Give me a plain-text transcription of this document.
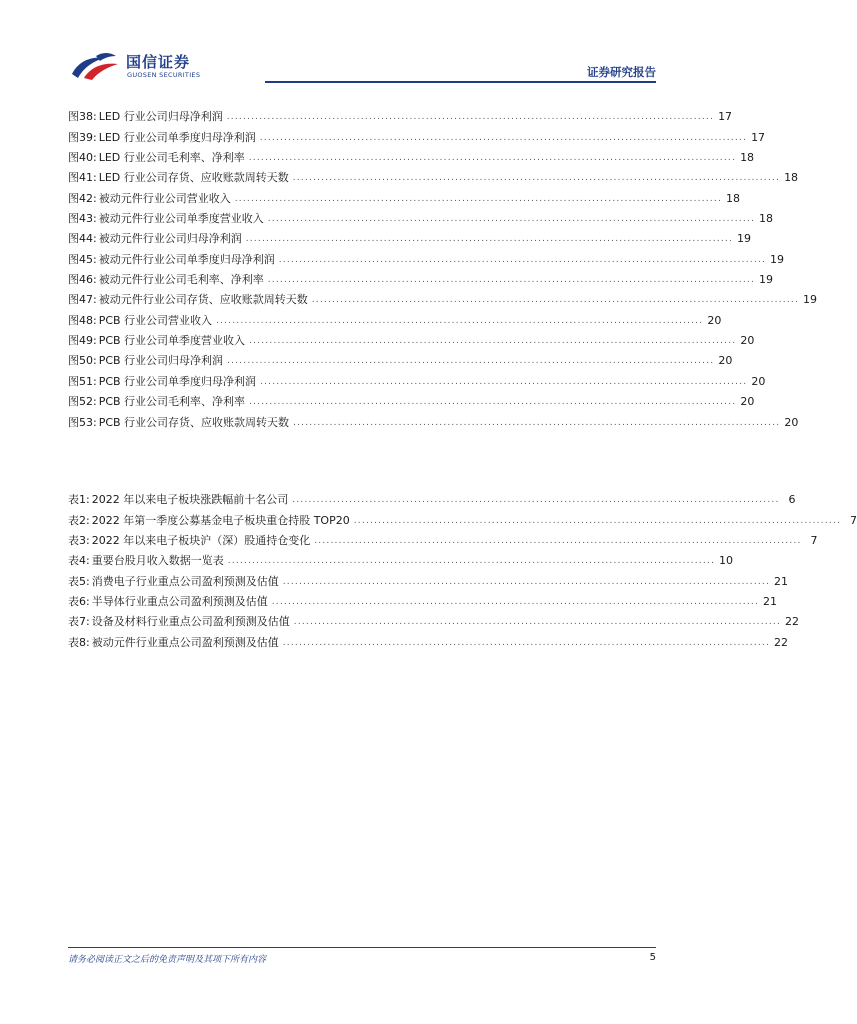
国信证券
GUOSEN SECURITIES	证券研究报告
图38: LED 行业公司归母净利润 ........................................................................................................................ 17
图39: LED 行业公司单季度归母净利润 ........................................................................................................................ 17
图40: LED 行业公司毛利率、净利率 ........................................................................................................................ 18
图41: LED 行业公司存货、应收账款周转天数 ........................................................................................................................ 18
图42: 被动元件行业公司营业收入 ........................................................................................................................ 18
图43: 被动元件行业公司单季度营业收入 ........................................................................................................................ 18
图44: 被动元件行业公司归母净利润 ........................................................................................................................ 19
图45: 被动元件行业公司单季度归母净利润 ........................................................................................................................ 19
图46: 被动元件行业公司毛利率、净利率 ........................................................................................................................ 19
图47: 被动元件行业公司存货、应收账款周转天数 ........................................................................................................................ 19
图48: PCB 行业公司营业收入 ........................................................................................................................ 20
图49: PCB 行业公司单季度营业收入 ........................................................................................................................ 20
图50: PCB 行业公司归母净利润 ........................................................................................................................ 20
图51: PCB 行业公司单季度归母净利润 ........................................................................................................................ 20
图52: PCB 行业公司毛利率、净利率 ........................................................................................................................ 20
图53: PCB 行业公司存货、应收账款周转天数 ........................................................................................................................ 20
表1: 2022 年以来电子板块涨跌幅前十名公司 ........................................................................................................................ 6
表2: 2022 年第一季度公募基金电子板块重仓持股 TOP20 ........................................................................................................................ 7
表3: 2022 年以来电子板块沪（深）股通持仓变化 ........................................................................................................................ 7
表4: 重要台股月收入数据一览表 ........................................................................................................................ 10
表5: 消费电子行业重点公司盈利预测及估值 ........................................................................................................................ 21
表6: 半导体行业重点公司盈利预测及估值 ........................................................................................................................ 21
表7: 设备及材料行业重点公司盈利预测及估值 ........................................................................................................................ 22
表8: 被动元件行业重点公司盈利预测及估值 ........................................................................................................................ 22
请务必阅读正文之后的免责声明及其项下所有内容	5
